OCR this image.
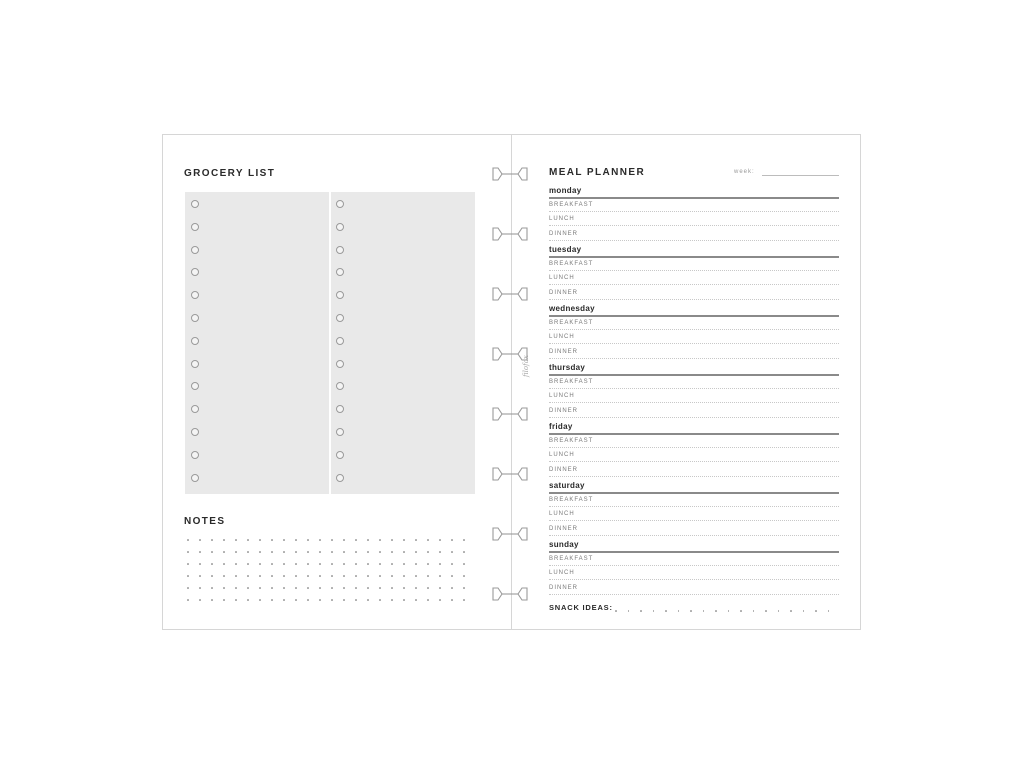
GROCERY LIST
NOTES
filofax
MEAL PLANNER	week:
monday
BREAKFAST
LUNCH
DINNER
tuesday
BREAKFAST
LUNCH
DINNER
wednesday
BREAKFAST
LUNCH
DINNER
thursday
BREAKFAST
LUNCH
DINNER
friday
BREAKFAST
LUNCH
DINNER
saturday
BREAKFAST
LUNCH
DINNER
sunday
BREAKFAST
LUNCH
DINNER
SNACK IDEAS:
